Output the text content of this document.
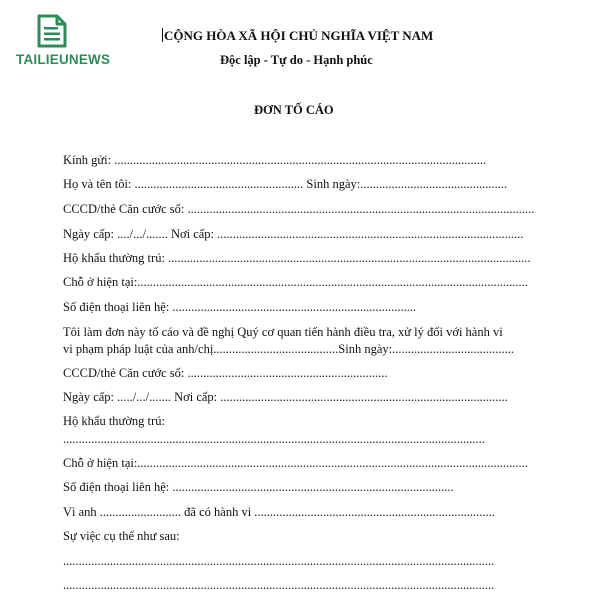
TAILIEUNEWS
CỘNG HÒA XÃ HỘI CHỦ NGHĨA VIỆT NAM
Độc lập - Tự do - Hạnh phúc
ĐƠN TỐ CÁO
Kính gửi: .......................................................................................................................
Họ và tên tôi: ...................................................... Sinh ngày:...............................................
CCCD/thẻ Căn cước số: ...............................................................................................................
Ngày cấp: ..../.../....... Nơi cấp: ..................................................................................................
Hộ khẩu thường trú: ....................................................................................................................
Chỗ ở hiện tại:.............................................................................................................................
Số điện thoại liên hệ: ..............................................................................
Tôi làm đơn này tố cáo và đề nghị Quý cơ quan tiến hành điều tra, xử lý đối với hành vi
vi phạm pháp luật của anh/chị........................................Sinh ngày:.......................................
CCCD/thẻ Căn cước số: ................................................................
Ngày cấp: ...../.../....... Nơi cấp: ............................................................................................
Hộ khẩu thường trú:
.......................................................................................................................................
Chỗ ở hiện tại:.............................................................................................................................
Số điện thoại liên hệ: ..........................................................................................
Vì anh .......................... đã có hành vi .............................................................................
Sự việc cụ thể như sau:
..........................................................................................................................................
..........................................................................................................................................
